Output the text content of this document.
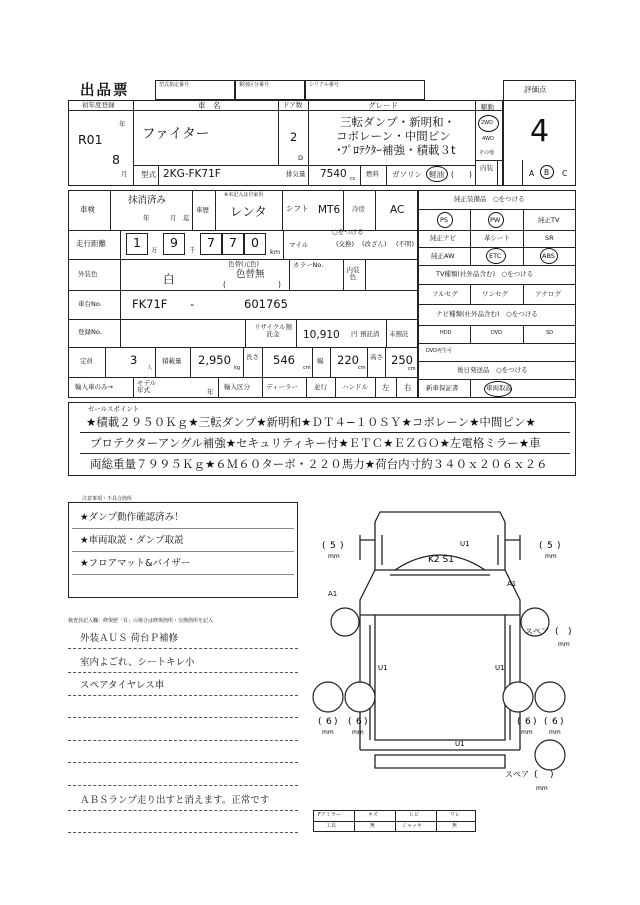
出品票	型式指定番号	類別区分番号	シリアル番号	評価点
4
初年度登録
R01
年
8
月
車　名
ファイター
ドア数
2
D
グレード
三転ダンプ・新明和・
コボレーン・中間ピン
･ﾌﾟﾛﾃｸﾀｰ補強・積載３t
駆動
2WD
4WD
その他
型式 2KG-FK71F	排気量 7540 cc
燃料 ガソリン 軽油 ( )
内装
A B C
車検
抹消済み
年	月 迄
※未記入は自家用
車歴 レンタ	シフト MT6 冷房 AC
走行距離 1 万 9 千 7 7 0
km
○をつける
マイル	(交換) (改ざん) (不明)
外装色	白
色替(元色)
色替無
(	)
カラーNo.
内装色
車台No.	FK71F -	601765
登録No.
リサイクル預託金	10,910 円 預託済 未預託
定員	3
人
積載量 2,950
kg
長さ 546
cm
幅 220
cm
高さ 250
cm
輸入車のみ→	モデル年式	年
輸入区分 ディーラー 並行 ハンドル 左 右
純正装備品　○をつける
PS	PW	純正TV
純正ナビ	革シート	SR
純正AW	ETC	ABS
TV種類(社外品含む)　○をつける
フルセグ	ワンセグ	アナログ
ナビ種類(社外品含む)　○をつける
HDD	DVD	SD
DVD再生可
後日発送品　○をつける
新車保証書	車両取説
セールスポイント
★積載２９５０Ｋｇ★三転ダンプ★新明和★ＤＴ４−１０ＳＹ★コボレーン★中間ピン★
プロテクターアングル補強★セキュリティキー付★ＥＴＣ★ＥＺＧＯ★左電格ミラー★車
両総重量７９９５Ｋｇ★６Ｍ６０ターボ・２２０馬力★荷台内寸約３４０ｘ２０６ｘ２６
注意事項・不具合箇所
★ダンプ動作確認済み！
★車両取説・ダンプ取説
★フロアマット&バイザー
検査員記入欄：修復歴「有」の場合は修復箇所・交換箇所を記入
外装ＡＵＳ 荷台Ｐ補修
室内よごれ、シートキレ小
スペアタイヤレス車
ＡＢＳランプ走り出すと消えます。正常です
K2 S1
U1
A1
A1
U1	U1
U1
5
( )
mm
5
( )
mm
6
( )
mm
6
( )
mm
6
( )
mm
6
( )
mm
スペア ( )
mm
スペア ( )
mm
Fアミラー	キズ	ヒビ	ワレ
工具	無	ジャッキ	無
